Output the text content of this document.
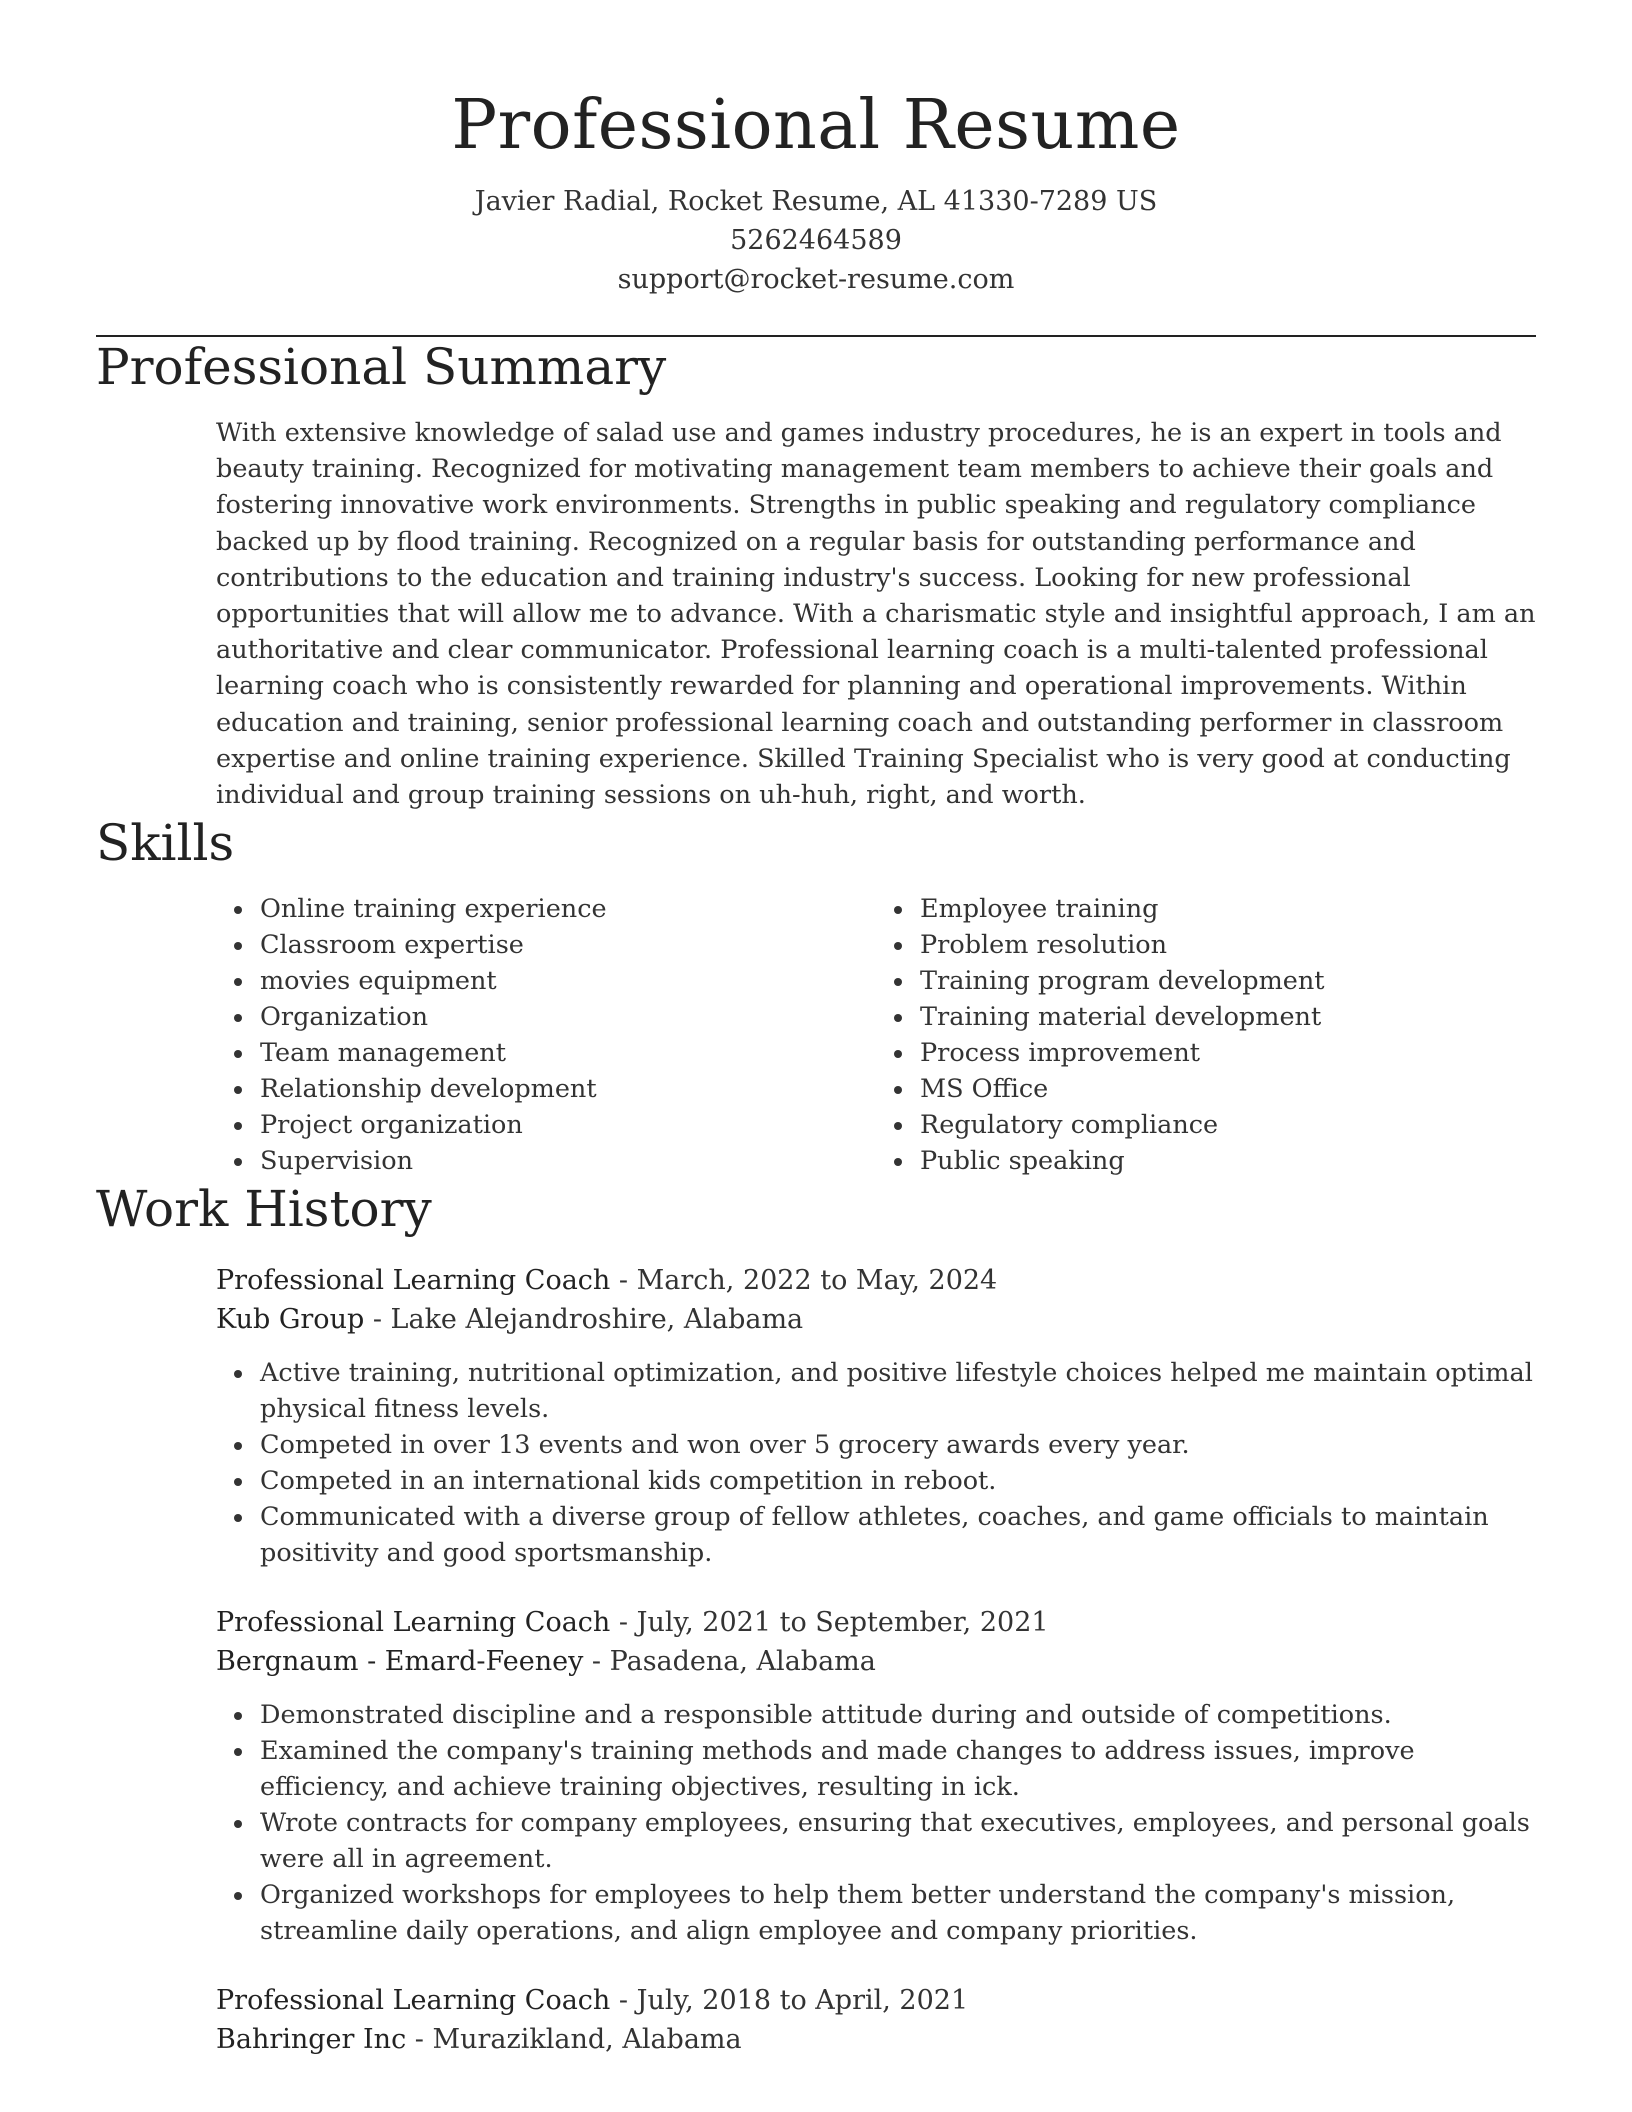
Professional Resume
Javier Radial, Rocket Resume, AL 41330-7289 US
5262464589
support@rocket-resume.com
Professional Summary
With extensive knowledge of salad use and games industry procedures, he is an expert in tools and beauty training. Recognized for motivating management team members to achieve their goals and fostering innovative work environments. Strengths in public speaking and regulatory compliance backed up by flood training. Recognized on a regular basis for outstanding performance and contributions to the education and training industry's success. Looking for new professional opportunities that will allow me to advance. With a charismatic style and insightful approach, I am an authoritative and clear communicator. Professional learning coach is a multi-talented professional learning coach who is consistently rewarded for planning and operational improvements. Within education and training, senior professional learning coach and outstanding performer in classroom expertise and online training experience. Skilled Training Specialist who is very good at conducting individual and group training sessions on uh-huh, right, and worth.
Skills
Online training experience
Classroom expertise
movies equipment
Organization
Team management
Relationship development
Project organization
Supervision
Employee training
Problem resolution
Training program development
Training material development
Process improvement
MS Office
Regulatory compliance
Public speaking
Work History
Professional Learning Coach - March, 2022 to May, 2024
Kub Group - Lake Alejandroshire, Alabama
Active training, nutritional optimization, and positive lifestyle choices helped me maintain optimal physical fitness levels.
Competed in over 13 events and won over 5 grocery awards every year.
Competed in an international kids competition in reboot.
Communicated with a diverse group of fellow athletes, coaches, and game officials to maintain positivity and good sportsmanship.
Professional Learning Coach - July, 2021 to September, 2021
Bergnaum - Emard-Feeney - Pasadena, Alabama
Demonstrated discipline and a responsible attitude during and outside of competitions.
Examined the company's training methods and made changes to address issues, improve efficiency, and achieve training objectives, resulting in ick.
Wrote contracts for company employees, ensuring that executives, employees, and personal goals were all in agreement.
Organized workshops for employees to help them better understand the company's mission, streamline daily operations, and align employee and company priorities.
Professional Learning Coach - July, 2018 to April, 2021
Bahringer Inc - Murazikland, Alabama
